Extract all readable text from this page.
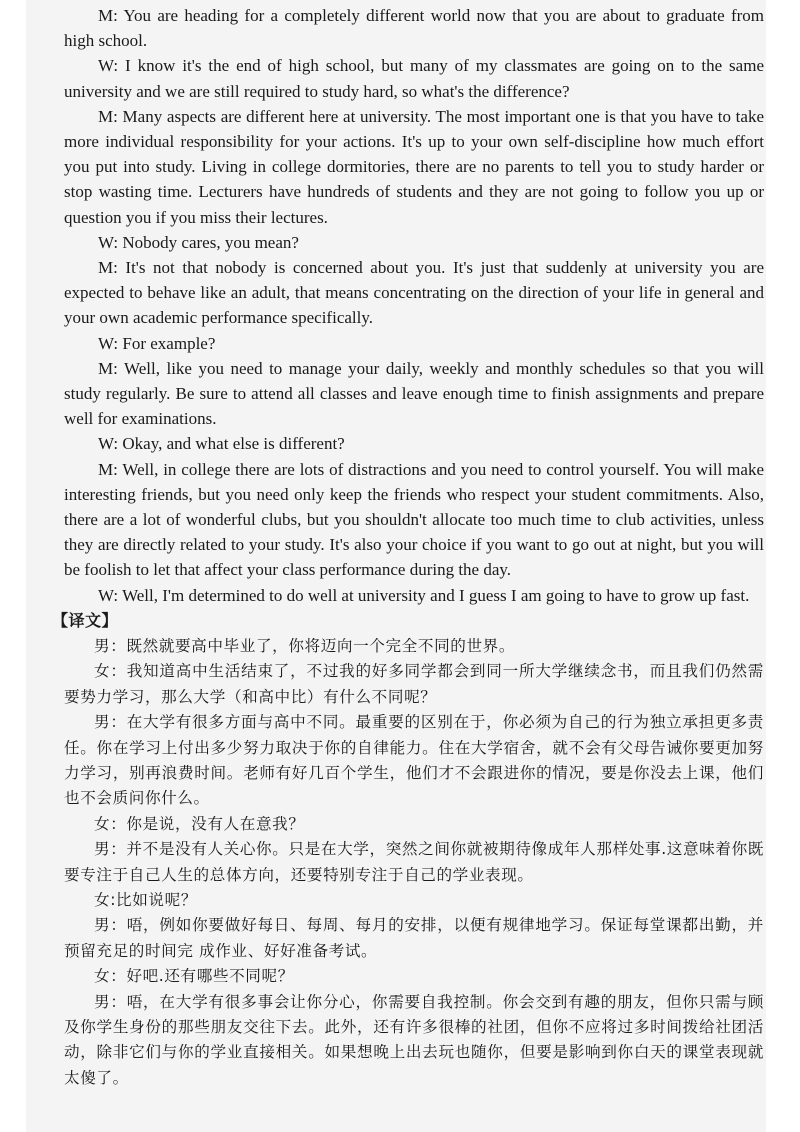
M: You are heading for a completely different world now that you are about to graduate from high school.

W: I know it's the end of high school, but many of my classmates are going on to the same university and we are still required to study hard, so what's the difference?

M: Many aspects are different here at university. The most important one is that you have to take more individual responsibility for your actions. It's up to your own self-discipline how much effort you put into study. Living in college dormitories, there are no parents to tell you to study harder or stop wasting time. Lecturers have hundreds of students and they are not going to follow you up or question you if you miss their lectures.

W: Nobody cares, you mean?

M: It's not that nobody is concerned about you. It's just that suddenly at university you are expected to behave like an adult, that means concentrating on the direction of your life in general and your own academic performance specifically.

W: For example?

M: Well, like you need to manage your daily, weekly and monthly schedules so that you will study regularly. Be sure to attend all classes and leave enough time to finish assignments and prepare well for examinations.

W: Okay, and what else is different?

M: Well, in college there are lots of distractions and you need to control yourself. You will make interesting friends, but you need only keep the friends who respect your student commitments. Also, there are a lot of wonderful clubs, but you shouldn't allocate too much time to club activities, unless they are directly related to your study. It's also your choice if you want to go out at night, but you will be foolish to let that affect your class performance during the day.

W: Well, I'm determined to do well at university and I guess I am going to have to grow up fast.

【译文】

男：既然就要高中毕业了，你将迈向一个完全不同的世界。

女：我知道高中生活结束了，不过我的好多同学都会到同一所大学继续念书，而且我们仍然需要势力学习，那么大学（和高中比）有什么不同呢？

男：在大学有很多方面与高中不同。最重要的区别在于，你必须为自己的行为独立承担更多责任。你在学习上付出多少努力取决于你的自律能力。住在大学宿舍，就不会有父母告诫你要更加努力学习，别再浪费时间。老师有好几百个学生，他们才不会跟进你的情况，要是你没去上课，他们也不会质问你什么。

女：你是说，没有人在意我？

男：并不是没有人关心你。只是在大学，突然之间你就被期待像成年人那样处事.这意味着你既要专注于自己人生的总体方向，还要特别专注于自己的学业表现。

女:比如说呢？

男：唔，例如你要做好每日、每周、每月的安排，以便有规律地学习。保证每堂课都出勤，并预留充足的时间完 成作业、好好准备考试。

女：好吧.还有哪些不同呢？

男：唔，在大学有很多事会让你分心，你需要自我控制。你会交到有趣的朋友，但你只需与顾及你学生身份的那些朋友交往下去。此外，还有许多很棒的社团，但你不应将过多时间拨给社团活动，除非它们与你的学业直接相关。如果想晚上出去玩也随你，但要是影响到你白天的课堂表现就太傻了。
